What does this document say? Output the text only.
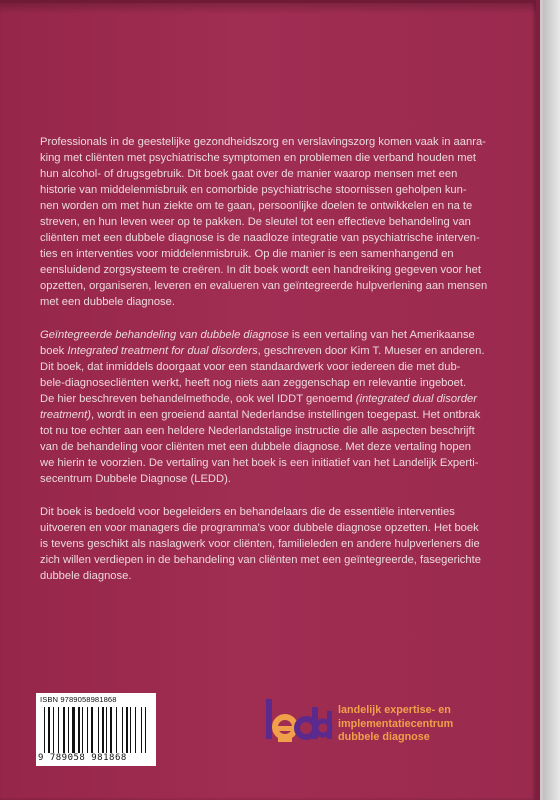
Professionals in de geestelijke gezondheidszorg en verslavingszorg komen vaak in aanra-
king met cliënten met psychiatrische symptomen en problemen die verband houden met
hun alcohol- of drugsgebruik. Dit boek gaat over de manier waarop mensen met een
historie van middelenmisbruik en comorbide psychiatrische stoornissen geholpen kun-
nen worden om met hun ziekte om te gaan, persoonlijke doelen te ontwikkelen en na te
streven, en hun leven weer op te pakken. De sleutel tot een effectieve behandeling van
cliënten met een dubbele diagnose is de naadloze integratie van psychiatrische interven-
ties en interventies voor middelenmisbruik. Op die manier is een samenhangend en
eensluidend zorgsysteem te creëren. In dit boek wordt een handreiking gegeven voor het
opzetten, organiseren, leveren en evalueren van geïntegreerde hulpverlening aan mensen
met een dubbele diagnose.

Geïntegreerde behandeling van dubbele diagnose is een vertaling van het Amerikaanse
boek Integrated treatment for dual disorders, geschreven door Kim T. Mueser en anderen.
Dit boek, dat inmiddels doorgaat voor een standaardwerk voor iedereen die met dub-
bele-diagnosecliënten werkt, heeft nog niets aan zeggenschap en relevantie ingeboet.
De hier beschreven behandelmethode, ook wel IDDT genoemd (integrated dual disorder
treatment), wordt in een groeiend aantal Nederlandse instellingen toegepast. Het ontbrak
tot nu toe echter aan een heldere Nederlandstalige instructie die alle aspecten beschrijft
van de behandeling voor cliënten met een dubbele diagnose. Met deze vertaling hopen
we hierin te voorzien. De vertaling van het boek is een initiatief van het Landelijk Experti-
secentrum Dubbele Diagnose (LEDD).

Dit boek is bedoeld voor begeleiders en behandelaars die de essentiële interventies
uitvoeren en voor managers die programma's voor dubbele diagnose opzetten. Het boek
is tevens geschikt als naslagwerk voor cliënten, familieleden en andere hulpverleners die
zich willen verdiepen in de behandeling van cliënten met een geïntegreerde, fasegerichte
dubbele diagnose.

ISBN 9789058981868
9 789058 981868
landelijk expertise- en
implementatiecentrum
dubbele diagnose
